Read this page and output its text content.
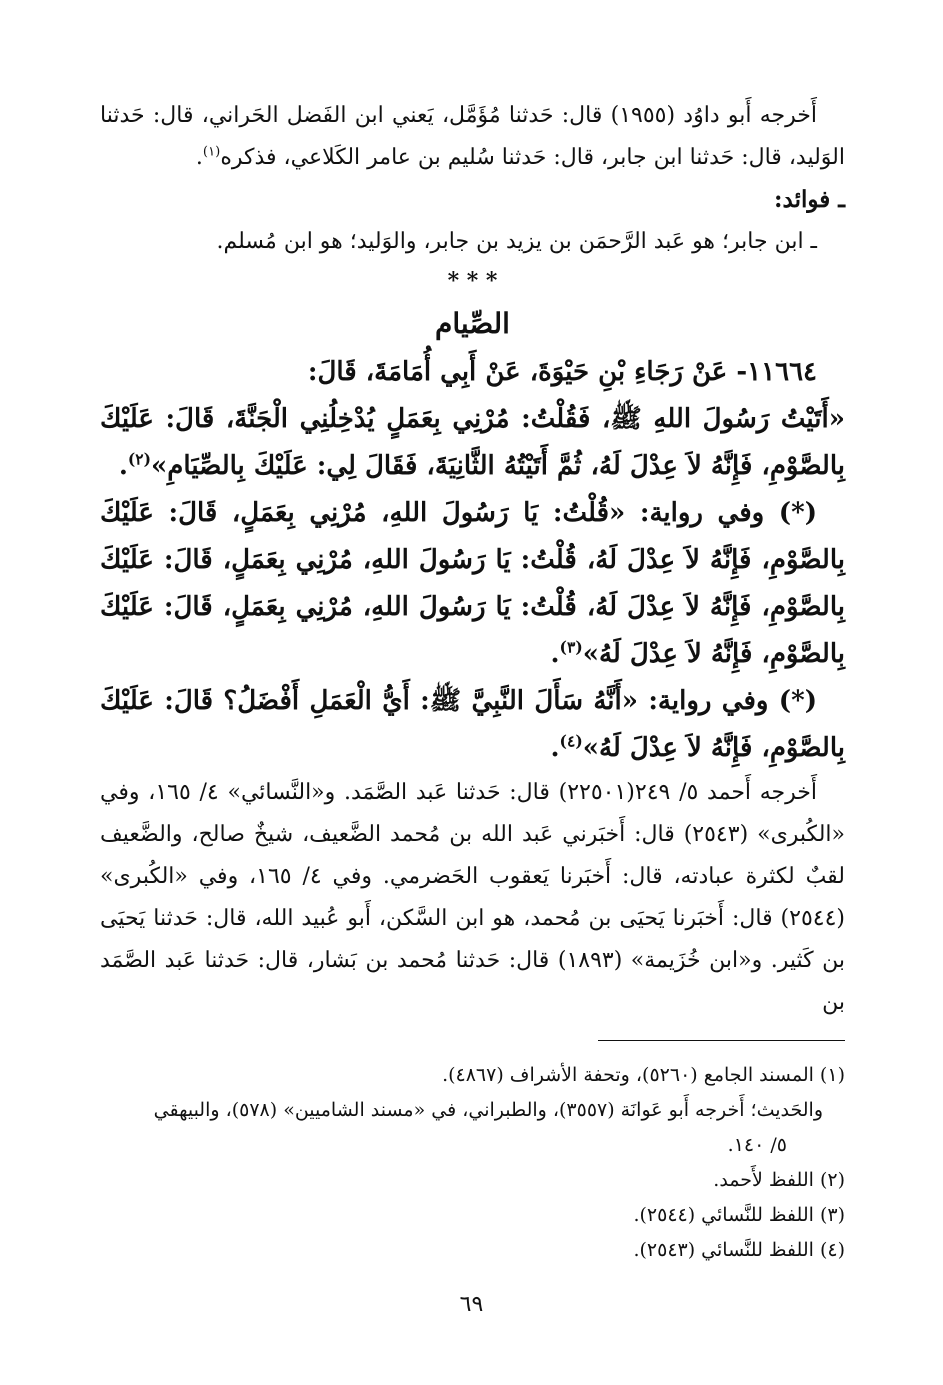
أَخرجه أَبو داوُد (١٩٥٥) قال: حَدثنا مُؤَمَّل، يَعني ابن الفَضل الحَراني، قال: حَدثنا الوَليد، قال: حَدثنا ابن جابر، قال: حَدثنا سُليم بن عامر الكَلاعي، فذكره$^{(١)}$.

ـ فوائد:

ـ ابن جابر؛ هو عَبد الرَّحمَن بن يزيد بن جابر، والوَليد؛ هو ابن مُسلم.

* * *

الصِّيام

١١٦٦٤- عَنْ رَجَاءِ بْنِ حَيْوَةَ، عَنْ أَبِي أُمَامَةَ، قَالَ:

«أَتَيْتُ رَسُولَ اللهِ ﷺ، فَقُلْتُ: مُرْنِي بِعَمَلٍ يُدْخِلُنِي الْجَنَّةَ، قَالَ: عَلَيْكَ بِالصَّوْمِ، فَإِنَّهُ لاَ عِدْلَ لَهُ، ثُمَّ أَتَيْتُهُ الثَّانِيَةَ، فَقَالَ لِي: عَلَيْكَ بِالصِّيَامِ»$^{(٢)}$.

(*) وفي رواية: «قُلْتُ: يَا رَسُولَ اللهِ، مُرْنِي بِعَمَلٍ، قَالَ: عَلَيْكَ بِالصَّوْمِ، فَإِنَّهُ لاَ عِدْلَ لَهُ، قُلْتُ: يَا رَسُولَ اللهِ، مُرْنِي بِعَمَلٍ، قَالَ: عَلَيْكَ بِالصَّوْمِ، فَإِنَّهُ لاَ عِدْلَ لَهُ، قُلْتُ: يَا رَسُولَ اللهِ، مُرْنِي بِعَمَلٍ، قَالَ: عَلَيْكَ بِالصَّوْمِ، فَإِنَّهُ لاَ عِدْلَ لَهُ»$^{(٣)}$.

(*) وفي رواية: «أَنَّهُ سَأَلَ النَّبِيَّ ﷺ: أَيُّ الْعَمَلِ أَفْضَلُ؟ قَالَ: عَلَيْكَ بِالصَّوْمِ، فَإِنَّهُ لاَ عِدْلَ لَهُ»$^{(٤)}$.

أَخرجه أَحمد ٥/ ٢٤٩(٢٢٥٠١) قال: حَدثنا عَبد الصَّمَد. و«النَّسائي» ٤/ ١٦٥، وفي «الكُبرى» (٢٥٤٣) قال: أَخبَرني عَبد الله بن مُحمد الضَّعيف، شيخٌ صالح، والضَّعيف لقبٌ لكثرة عبادته، قال: أَخبَرنا يَعقوب الحَضرمي. وفي ٤/ ١٦٥، وفي «الكُبرى» (٢٥٤٤) قال: أَخبَرنا يَحيَى بن مُحمد، هو ابن السَّكن، أَبو عُبيد الله، قال: حَدثنا يَحيَى بن كَثير. و«ابن خُزَيمة» (١٨٩٣) قال: حَدثنا مُحمد بن بَشار، قال: حَدثنا عَبد الصَّمَد بن

(١) المسند الجامع (٥٢٦٠)، وتحفة الأشراف (٤٨٦٧).

والحَديث؛ أَخرجه أَبو عَوانَة (٣٥٥٧)، والطبراني، في «مسند الشاميين» (٥٧٨)، والبيهقي

٥/ ١٤٠.

(٢) اللفظ لأَحمد.

(٣) اللفظ للنَّسائي (٢٥٤٤).

(٤) اللفظ للنَّسائي (٢٥٤٣).

٦٩
